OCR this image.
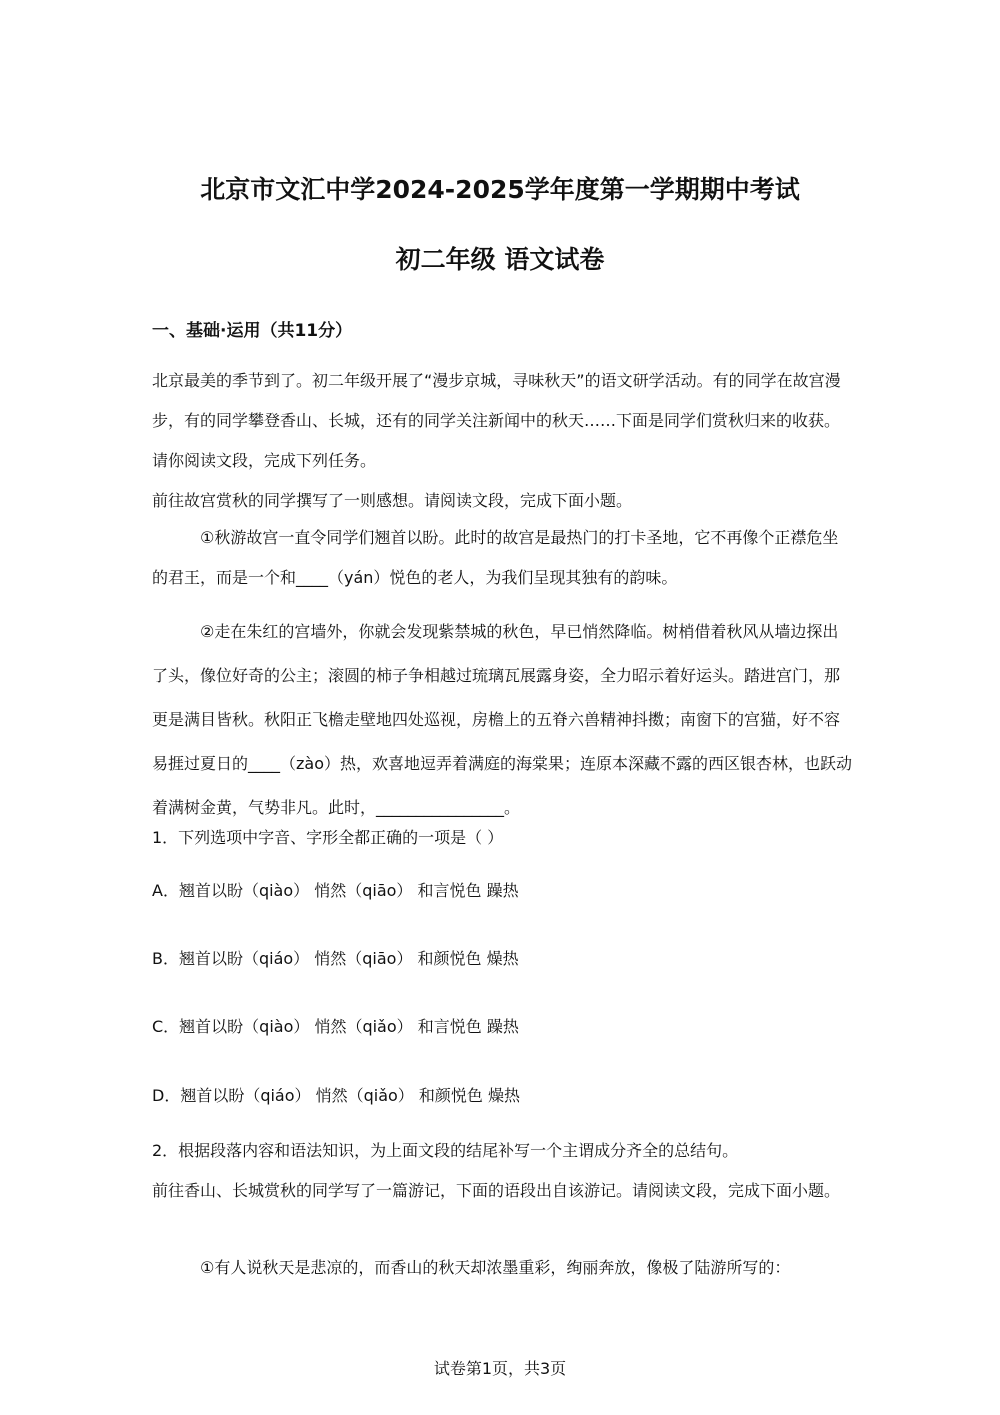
北京市文汇中学2024-2025学年度第一学期期中考试
初二年级 语文试卷
一、基础·运用（共11分）

北京最美的季节到了。初二年级开展了“漫步京城，寻味秋天”的语文研学活动。有的同学在故宫漫步，有的同学攀登香山、长城，还有的同学关注新闻中的秋天……下面是同学们赏秋归来的收获。请你阅读文段，完成下列任务。

前往故宫赏秋的同学撰写了一则感想。请阅读文段，完成下面小题。

①秋游故宫一直令同学们翘首以盼。此时的故宫是最热门的打卡圣地，它不再像个正襟危坐的君王，而是一个和____（yán）悦色的老人，为我们呈现其独有的韵味。

②走在朱红的宫墙外，你就会发现紫禁城的秋色，早已悄然降临。树梢借着秋风从墙边探出了头，像位好奇的公主；滚圆的柿子争相越过琉璃瓦展露身姿，全力昭示着好运头。踏进宫门，那更是满目皆秋。秋阳正飞檐走壁地四处巡视，房檐上的五脊六兽精神抖擞；南窗下的宫猫，好不容易捱过夏日的____（zào）热，欢喜地逗弄着满庭的海棠果；连原本深藏不露的西区银杏林，也跃动着满树金黄，气势非凡。此时，________________。

1．下列选项中字音、字形全都正确的一项是（ ）

A．翘首以盼（qiào） 悄然（qiāo） 和言悦色 躁热

B．翘首以盼（qiáo） 悄然（qiāo） 和颜悦色 燥热

C．翘首以盼（qiào） 悄然（qiǎo） 和言悦色 躁热

D．翘首以盼（qiáo） 悄然（qiǎo） 和颜悦色 燥热

2．根据段落内容和语法知识，为上面文段的结尾补写一个主谓成分齐全的总结句。

前往香山、长城赏秋的同学写了一篇游记，下面的语段出自该游记。请阅读文段，完成下面小题。

①有人说秋天是悲凉的，而香山的秋天却浓墨重彩，绚丽奔放，像极了陆游所写的：

试卷第1页，共3页
